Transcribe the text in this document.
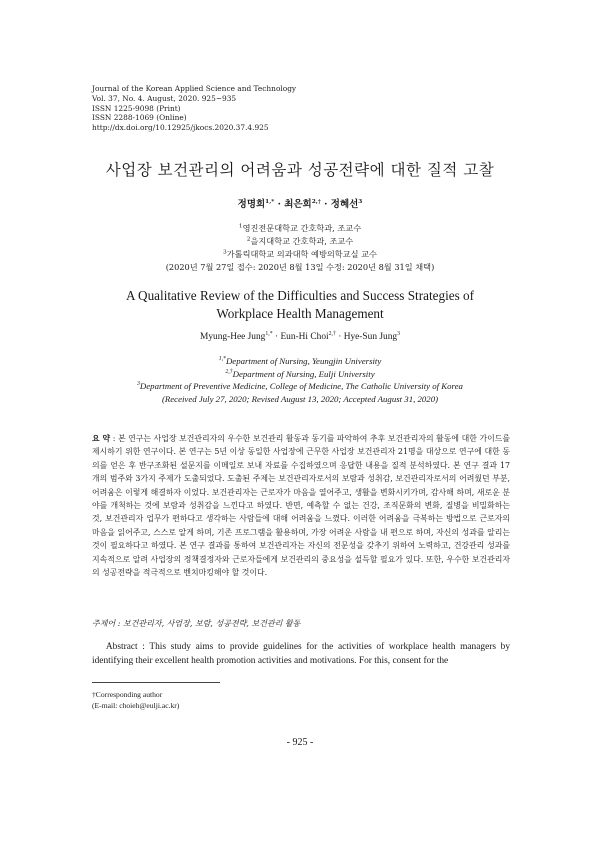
Journal of the Korean Applied Science and Technology
Vol. 37, No. 4. August, 2020. 925~935
ISSN 1225-9098 (Print)
ISSN 2288-1069 (Online)
http://dx.doi.org/10.12925/jkocs.2020.37.4.925
사업장 보건관리의 어려움과 성공전략에 대한 질적 고찰
정명희$^{1,*}$ · 최은희$^{2,\dagger}$ · 정혜선$^3$
$^1$영진전문대학교 간호학과, 조교수
$^2$을지대학교 간호학과, 조교수
$^3$가톨릭대학교 의과대학 예방의학교실 교수
(2020년 7월 27일 접수: 2020년 8월 13일 수정: 2020년 8월 31일 채택)
A Qualitative Review of the Difficulties and Success Strategies of
Workplace Health Management
Myung-Hee Jung$^{1,*}$ · Eun-Hi Choi$^{2,\dagger}$ · Hye-Sun Jung$^3$
$^{1,*}$Department of Nursing, Yeungjin University
$^{2,\dagger}$Department of Nursing, Eulji University
$^3$Department of Preventive Medicine, College of Medicine, The Catholic University of Korea
(Received July 27, 2020; Revised August 13, 2020; Accepted August 31, 2020)
요 약 : 본 연구는 사업장 보건관리자의 우수한 보건관리 활동과 동기를 파악하여 추후 보건관리자의 활동에 대한 가이드를 제시하기 위한 연구이다. 본 연구는 5년 이상 동일한 사업장에 근무한 사업장 보건관리자 21명을 대상으로 연구에 대한 동의를 얻은 후 반구조화된 설문지를 이메일로 보내 자료를 수집하였으며 응답한 내용을 질적 분석하였다. 본 연구 결과 17개의 범주와 3가지 주제가 도출되었다. 도출된 주제는 보건관리자로서의 보람과 성취감, 보건관리자로서의 어려웠던 부분, 어려움은 이렇게 해결하자 이었다. 보건관리자는 근로자가 마음을 열어주고, 생활을 변화시키가며, 감사해 하며, 새로운 분야를 개척하는 것에 보람과 성취감을 느낀다고 하였다. 반면, 예측할 수 없는 건강, 조직문화의 변화, 질병을 비밀화하는 것, 보건관리자 업무가 편하다고 생각하는 사람들에 대해 어려움을 느꼈다. 이러한 어려움을 극복하는 방법으로 근로자의 마음을 읽어주고, 스스로 알게 하며, 기존 프로그램을 활용하며, 가장 어려운 사람을 내 편으로 하며, 자신의 성과를 알리는 것이 필요하다고 하였다. 본 연구 결과를 통하여 보건관리자는 자신의 전문성을 갖추기 위하여 노력하고, 건강관리 성과를 지속적으로 알려 사업장의 정책결정자와 근로자들에게 보건관리의 중요성을 설득할 필요가 있다. 또한, 우수한 보건관리자의 성공전략을 적극적으로 벤치마킹해야 할 것이다.
주제어 : 보건관리자, 사업장, 보람, 성공전략, 보건관리 활동
Abstract : This study aims to provide guidelines for the activities of workplace health managers by identifying their excellent health promotion activities and motivations. For this, consent for the
†Corresponding author
(E-mail: choieh@eulji.ac.kr)
- 925 -
